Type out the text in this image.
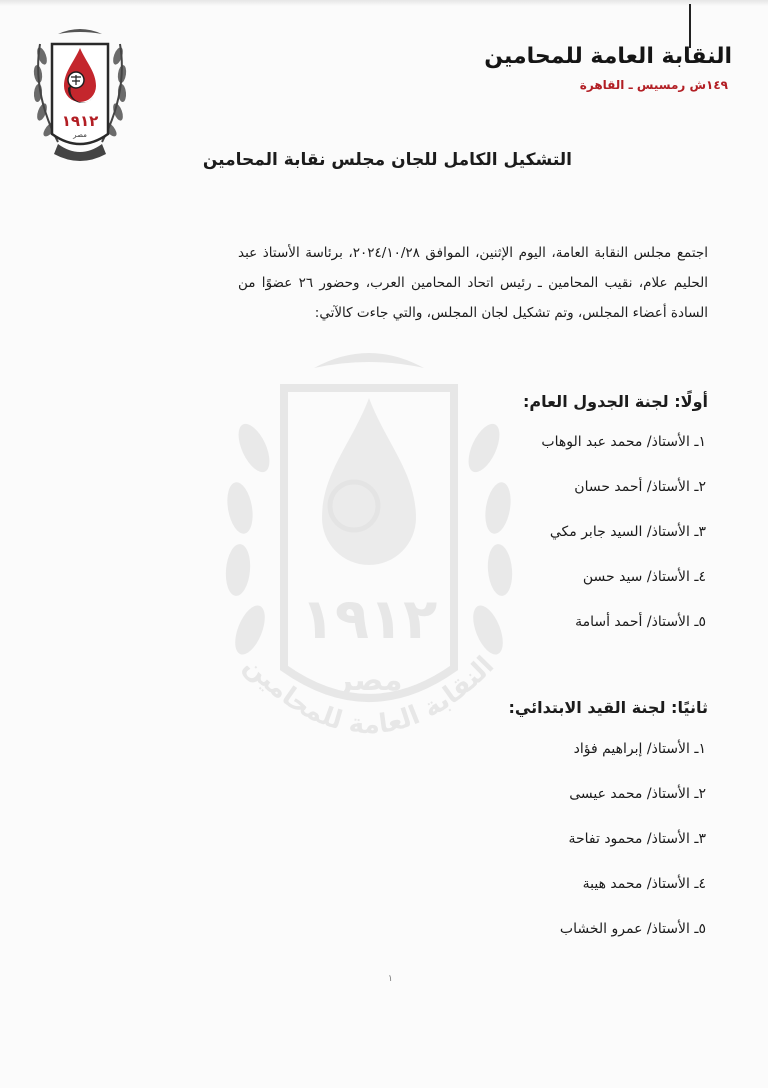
١٩١٢
مصر
النقابة العامة للمحامين
١٤٩ش رمسيس ـ القاهرة
١٩١٢
مصر
النقابة العامة للمحامين
التشكيل الكامل للجان مجلس نقابة المحامين

اجتمع مجلس النقابة العامة، اليوم الإثنين، الموافق ٢٠٢٤/١٠/٢٨، برئاسة الأستاذ عبد الحليم علام، نقيب المحامين ـ رئيس اتحاد المحامين العرب، وحضور ٢٦ عضوًا من السادة أعضاء المجلس، وتم تشكيل لجان المجلس، والتي جاءت كالآتي:

أولًا: لجنة الجدول العام:
١ـ الأستاذ/ محمد عبد الوهاب
٢ـ الأستاذ/ أحمد حسان
٣ـ الأستاذ/ السيد جابر مكي
٤ـ الأستاذ/ سيد حسن
٥ـ الأستاذ/ أحمد أسامة
ثانيًا: لجنة القيد الابتدائي:
١ـ الأستاذ/ إبراهيم فؤاد
٢ـ الأستاذ/ محمد عيسى
٣ـ الأستاذ/ محمود تفاحة
٤ـ الأستاذ/ محمد هيبة
٥ـ الأستاذ/ عمرو الخشاب
١
